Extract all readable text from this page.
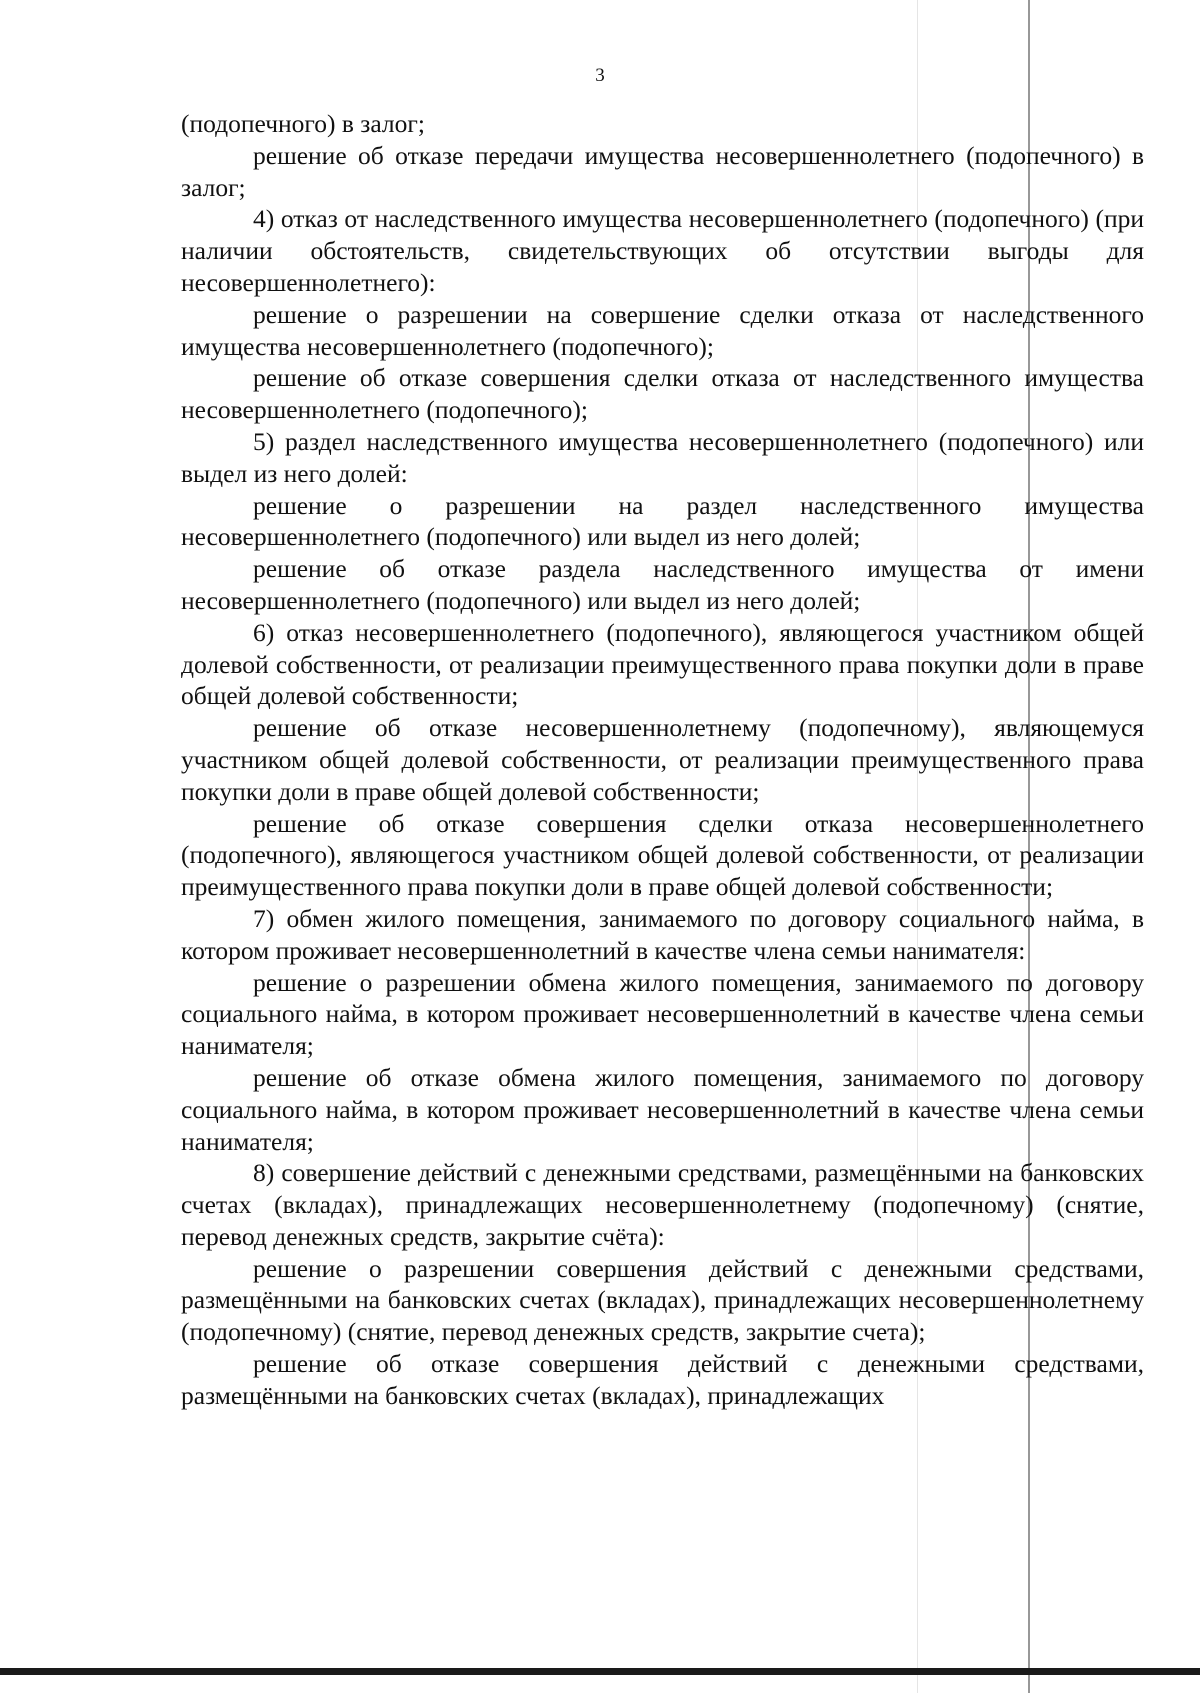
3

(подопечного) в залог;

решение об отказе передачи имущества несовершеннолетнего (подопечного) в залог;

4) отказ от наследственного имущества несовершеннолетнего (подопечного) (при наличии обстоятельств, свидетельствующих об отсутствии выгоды для несовершеннолетнего):

решение о разрешении на совершение сделки отказа от наследственного имущества несовершеннолетнего (подопечного);

решение об отказе совершения сделки отказа от наследственного имущества несовершеннолетнего (подопечного);

5) раздел наследственного имущества несовершеннолетнего (подопечного) или выдел из него долей:

решение о разрешении на раздел наследственного имущества несовершеннолетнего (подопечного) или выдел из него долей;

решение об отказе раздела наследственного имущества от имени несовершеннолетнего (подопечного) или выдел из него долей;

6) отказ несовершеннолетнего (подопечного), являющегося участником общей долевой собственности, от реализации преимущественного права покупки доли в праве общей долевой собственности;

решение об отказе несовершеннолетнему (подопечному), являющемуся участником общей долевой собственности, от реализации преимущественного права покупки доли в праве общей долевой собственности;

решение об отказе совершения сделки отказа несовершеннолетнего (подопечного), являющегося участником общей долевой собственности, от реализации преимущественного права покупки доли в праве общей долевой собственности;

7) обмен жилого помещения, занимаемого по договору социального найма, в котором проживает несовершеннолетний в качестве члена семьи нанимателя:

решение о разрешении обмена жилого помещения, занимаемого по договору социального найма, в котором проживает несовершеннолетний в качестве члена семьи нанимателя;

решение об отказе обмена жилого помещения, занимаемого по договору социального найма, в котором проживает несовершеннолетний в качестве члена семьи нанимателя;

8) совершение действий с денежными средствами, размещёнными на банковских счетах (вкладах), принадлежащих несовершеннолетнему (подопечному) (снятие, перевод денежных средств, закрытие счёта):

решение о разрешении совершения действий с денежными средствами, размещёнными на банковских счетах (вкладах), принадлежащих несовершеннолетнему (подопечному) (снятие, перевод денежных средств, закрытие счета);

решение об отказе совершения действий с денежными средствами, размещёнными на банковских счетах (вкладах), принадлежащих
